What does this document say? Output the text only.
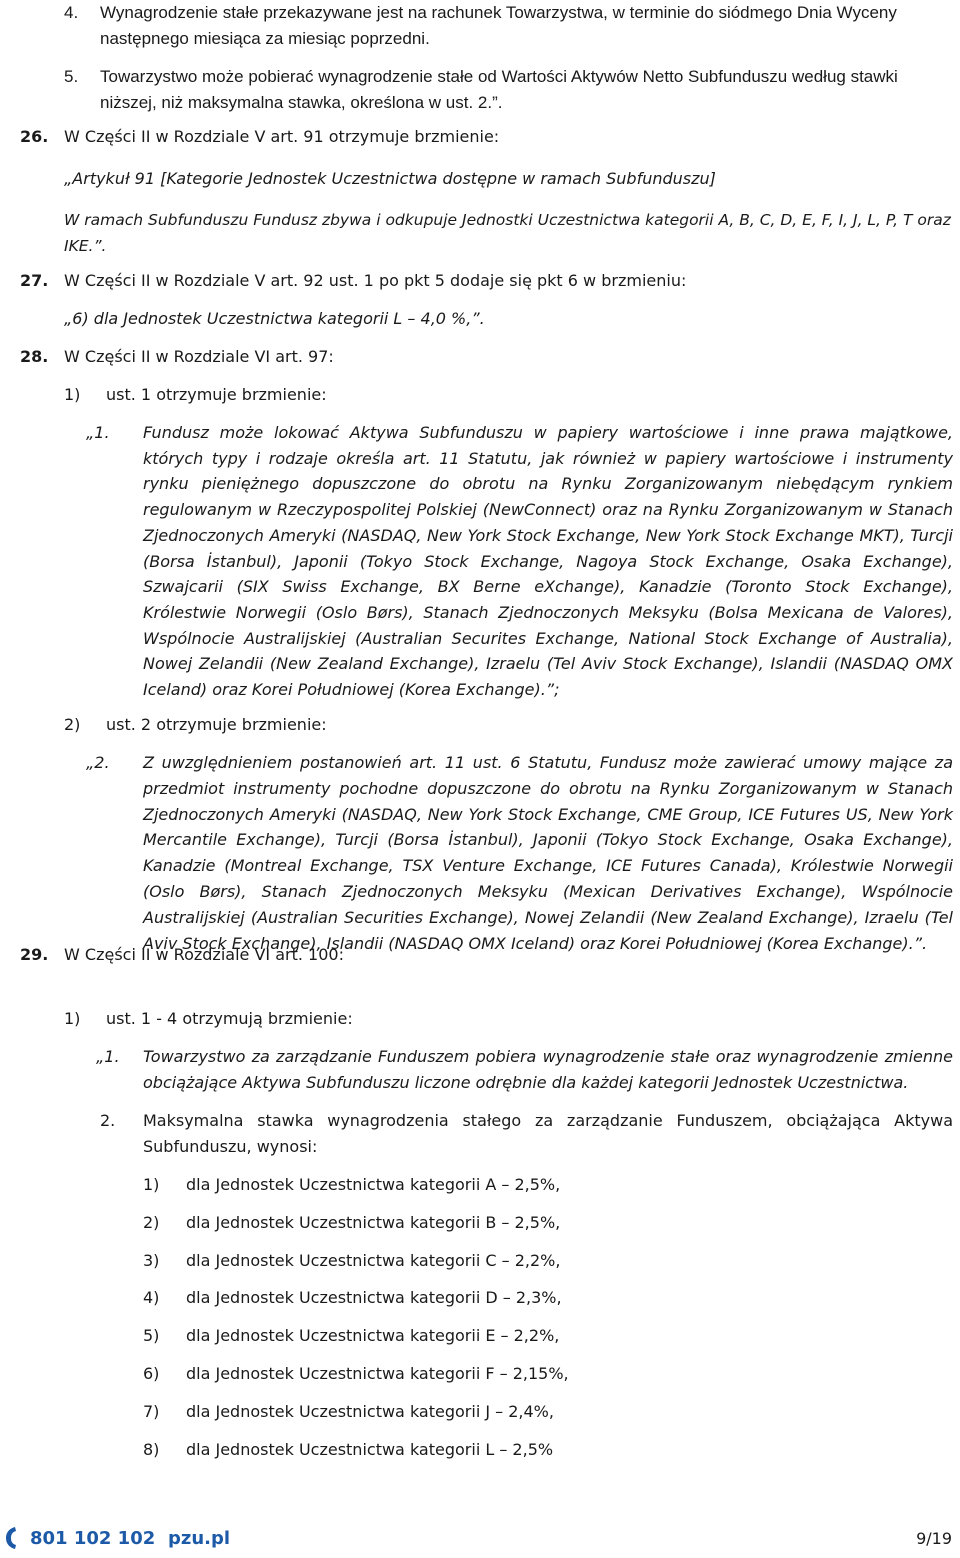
4. Wynagrodzenie stałe przekazywane jest na rachunek Towarzystwa, w terminie do siódmego Dnia Wyceny następnego miesiąca za miesiąc poprzedni.
5. Towarzystwo może pobierać wynagrodzenie stałe od Wartości Aktywów Netto Subfunduszu według stawki niższej, niż maksymalna stawka, określona w ust. 2.”.
26. W Części II w Rozdziale V art. 91 otrzymuje brzmienie:
„Artykuł 91 [Kategorie Jednostek Uczestnictwa dostępne w ramach Subfunduszu]
W ramach Subfunduszu Fundusz zbywa i odkupuje Jednostki Uczestnictwa kategorii A, B, C, D, E, F, I, J, L, P, T oraz IKE.”.
27. W Części II w Rozdziale V art. 92 ust. 1 po pkt 5 dodaje się pkt 6 w brzmieniu:
„6) dla Jednostek Uczestnictwa kategorii L – 4,0 %,”.
28. W Części II w Rozdziale VI art. 97:
1) ust. 1 otrzymuje brzmienie:
„1. Fundusz może lokować Aktywa Subfunduszu w papiery wartościowe i inne prawa majątkowe, których typy i rodzaje określa art. 11 Statutu, jak również w papiery wartościowe i instrumenty rynku pieniężnego dopuszczone do obrotu na Rynku Zorganizowanym niebędącym rynkiem regulowanym w Rzeczypospolitej Polskiej (NewConnect) oraz na Rynku Zorganizowanym w Stanach Zjednoczonych Ameryki (NASDAQ, New York Stock Exchange, New York Stock Exchange MKT), Turcji (Borsa İstanbul), Japonii (Tokyo Stock Exchange, Nagoya Stock Exchange, Osaka Exchange), Szwajcarii (SIX Swiss Exchange, BX Berne eXchange), Kanadzie (Toronto Stock Exchange), Królestwie Norwegii (Oslo Børs), Stanach Zjednoczonych Meksyku (Bolsa Mexicana de Valores), Wspólnocie Australijskiej (Australian Securites Exchange, National Stock Exchange of Australia), Nowej Zelandii (New Zealand Exchange), Izraelu (Tel Aviv Stock Exchange), Islandii (NASDAQ OMX Iceland) oraz Korei Południowej (Korea Exchange).”;
2) ust. 2 otrzymuje brzmienie:
„2. Z uwzględnieniem postanowień art. 11 ust. 6 Statutu, Fundusz może zawierać umowy mające za przedmiot instrumenty pochodne dopuszczone do obrotu na Rynku Zorganizowanym w Stanach Zjednoczonych Ameryki (NASDAQ, New York Stock Exchange, CME Group, ICE Futures US, New York Mercantile Exchange), Turcji (Borsa İstanbul), Japonii (Tokyo Stock Exchange, Osaka Exchange), Kanadzie (Montreal Exchange, TSX Venture Exchange, ICE Futures Canada), Królestwie Norwegii (Oslo Børs), Stanach Zjednoczonych Meksyku (Mexican Derivatives Exchange), Wspólnocie Australijskiej (Australian Securities Exchange), Nowej Zelandii (New Zealand Exchange), Izraelu (Tel Aviv Stock Exchange), Islandii (NASDAQ OMX Iceland) oraz Korei Południowej (Korea Exchange).”.
29. W Części II w Rozdziale VI art. 100:
1) ust. 1 - 4 otrzymują brzmienie:
„1. Towarzystwo za zarządzanie Funduszem pobiera wynagrodzenie stałe oraz wynagrodzenie zmienne obciążające Aktywa Subfunduszu liczone odrębnie dla każdej kategorii Jednostek Uczestnictwa.
2. Maksymalna stawka wynagrodzenia stałego za zarządzanie Funduszem, obciążająca Aktywa Subfunduszu, wynosi:
1) dla Jednostek Uczestnictwa kategorii A – 2,5%,
2) dla Jednostek Uczestnictwa kategorii B – 2,5%,
3) dla Jednostek Uczestnictwa kategorii C – 2,2%,
4) dla Jednostek Uczestnictwa kategorii D – 2,3%,
5) dla Jednostek Uczestnictwa kategorii E – 2,2%,
6) dla Jednostek Uczestnictwa kategorii F – 2,15%,
7) dla Jednostek Uczestnictwa kategorii J – 2,4%,
8) dla Jednostek Uczestnictwa kategorii L – 2,5%
801 102 102 pzu.pl	9/19
